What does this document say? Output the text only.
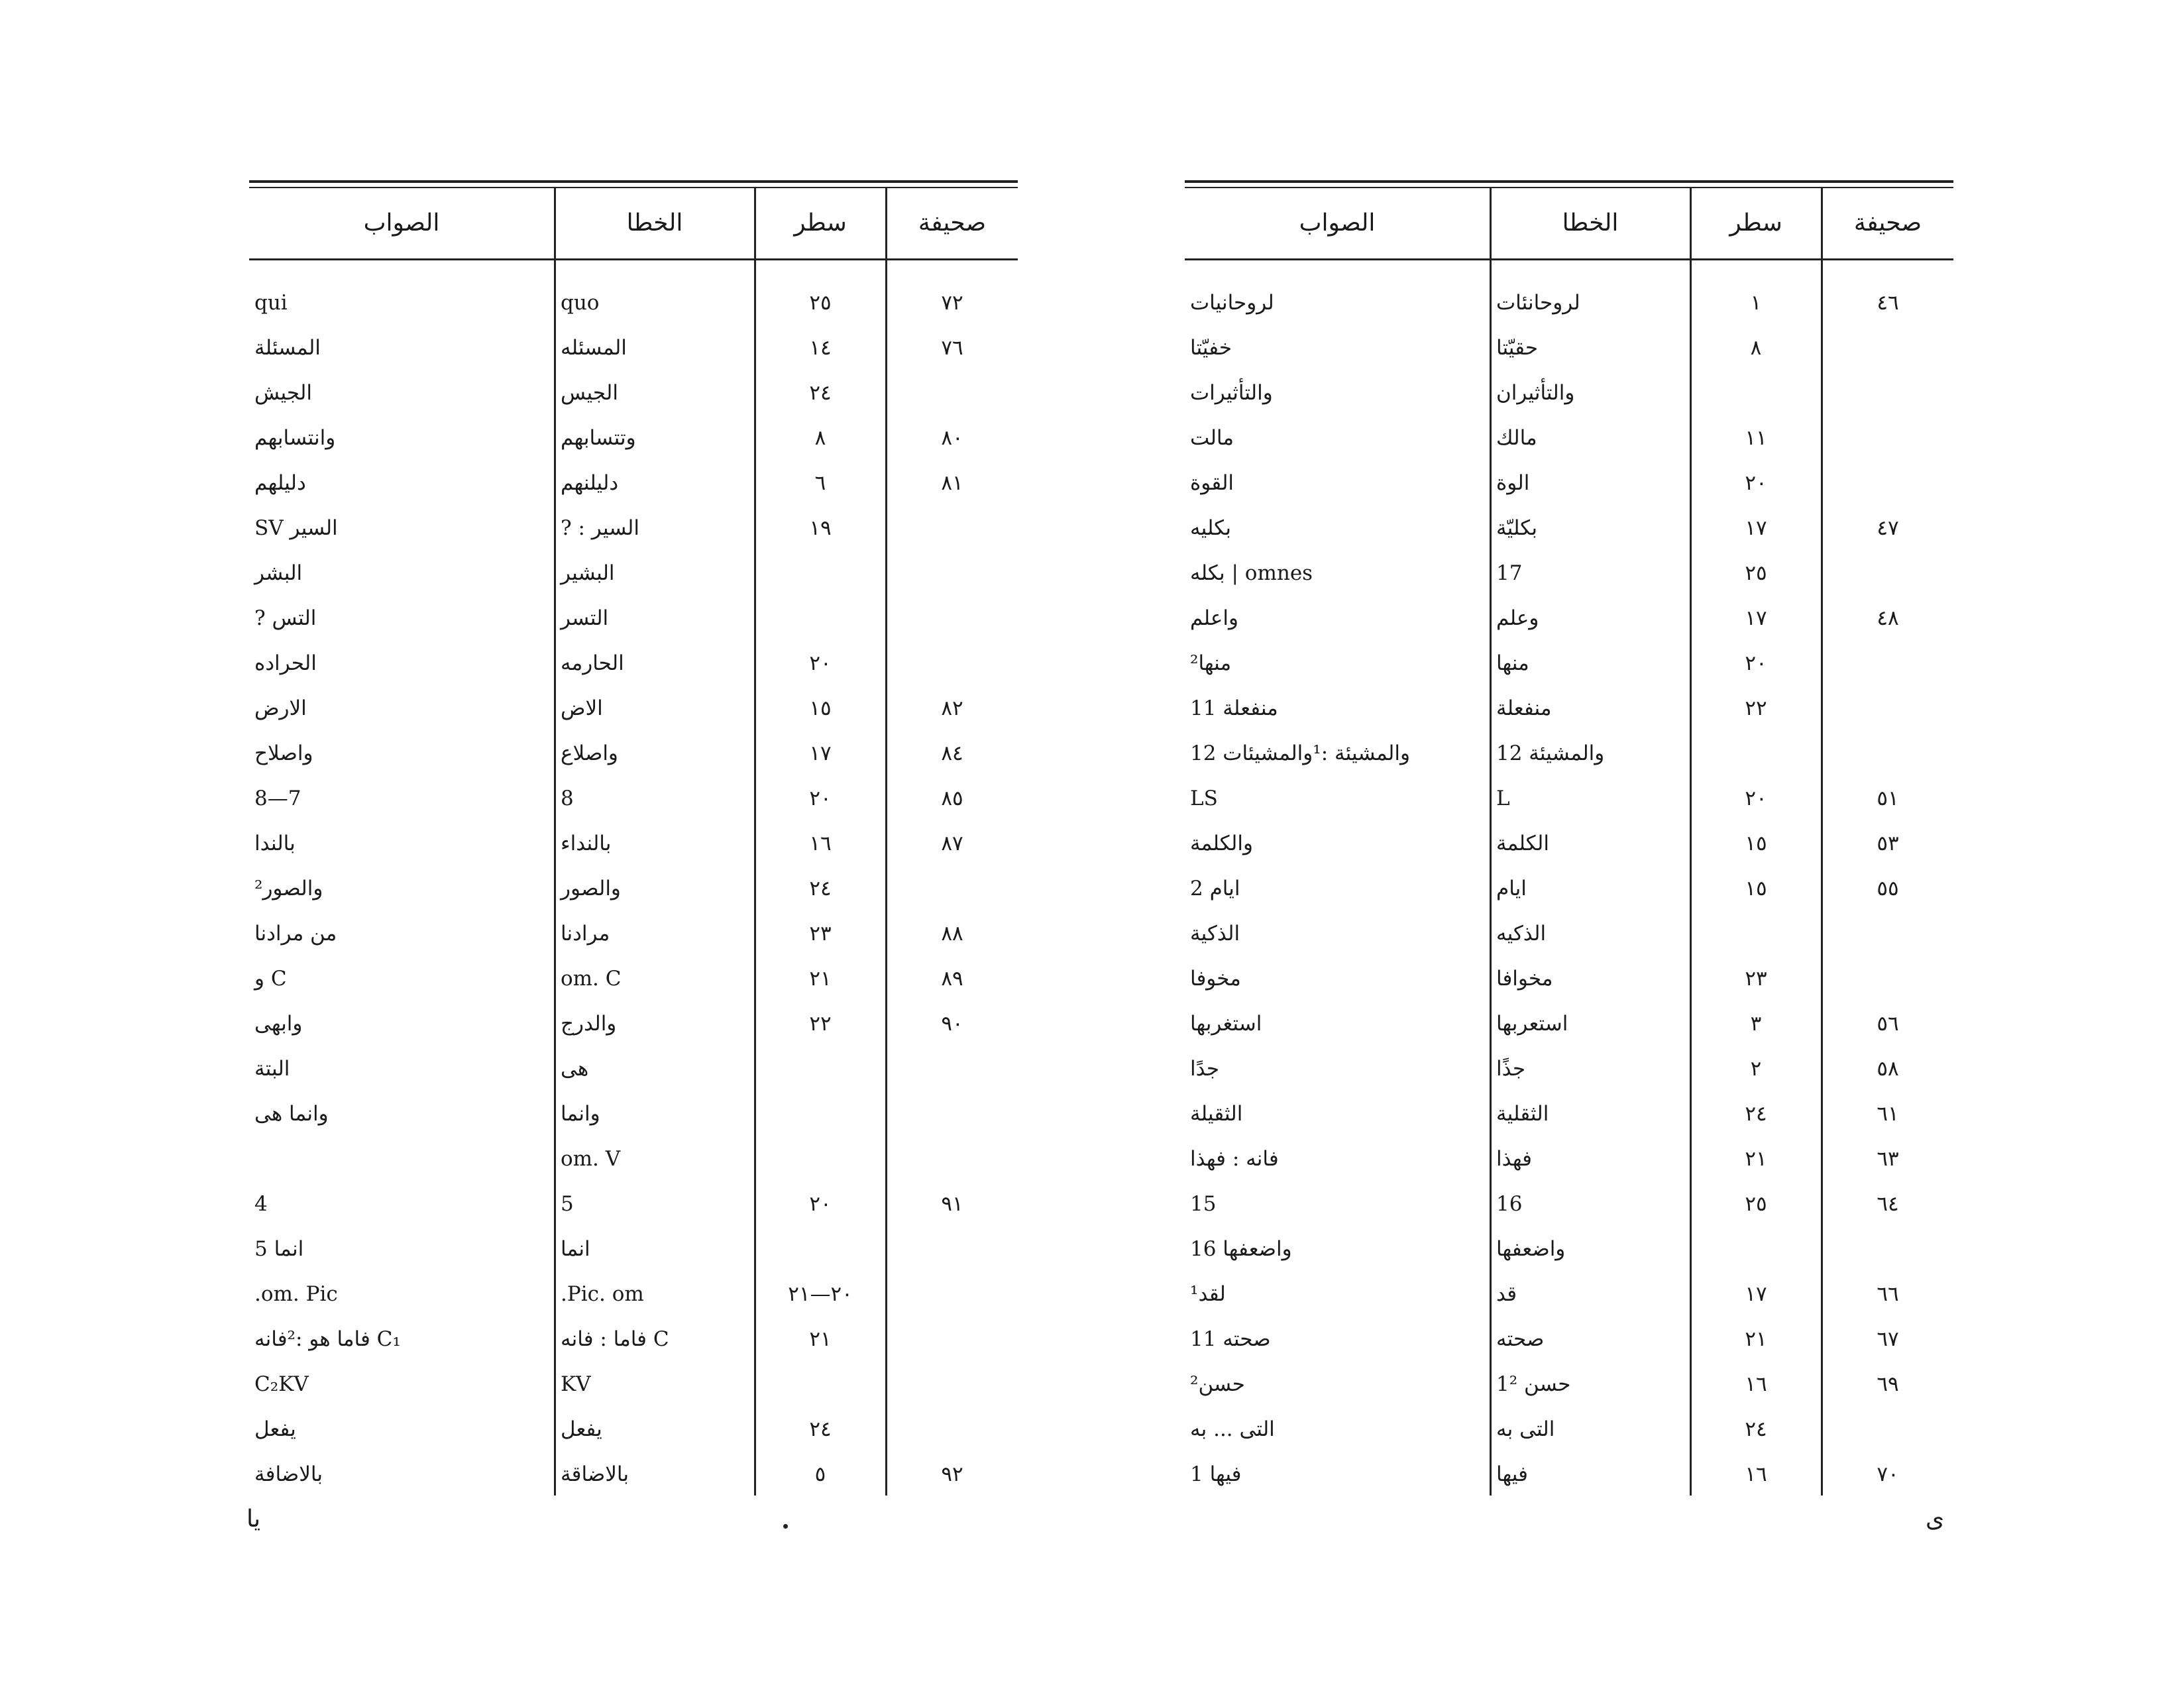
صحيفة
سطر
الخطا
الصواب
٧٢
٢٥
quo
qui
٧٦
١٤
المسئله
المسئلة
٢٤
الجيس
الجيش
٨٠
٨
وتتسابهم
وانتسابهم
٨١
٦
دليلنهم
دليلهم
١٩
السير : ?
السير SV
البشير
البشر
التسر
التس ?
٢٠
الحارمه
الحراده
٨٢
١٥
الاض
الارض
٨٤
١٧
واصلاع
واصلاح
٨٥
٢٠
8
7—8
٨٧
١٦
بالنداء
بالندا
٢٤
والصور
والصور²
٨٨
٢٣
مرادنا
من مرادنا
٨٩
٢١
om. C
C و
٩٠
٢٢
والدرج
وابهى
هى
البتة
وانما
وانما هى
om. V
٩١
٢٠
5
4
انما
انما 5
٢٠—٢١
Pic. om.
om. Pic.
٢١
C فاما : فانه
C₁ فاما هو :²فانه
KV
C₂KV
٢٤
يفعل
يفعل
٩٢
٥
بالاضاقة
بالاضافة
صحيفة
سطر
الخطا
الصواب
٤٦
١
لروحانئات
لروحانيات
٨
حقيّتا
خفيّتا
والتأثيران
والتأثيرات
١١
مالك
مالت
٢٠
الوة
القوة
٤٧
١٧
بكليّة
بكليه
٢٥
17
omnes | بكله
٤٨
١٧
وعلم
واعلم
٢٠
منها
منها²
٢٢
منفعلة
منفعلة 11
والمشيئة 12
والمشيئة :¹والمشيئات 12
٥١
٢٠
L
LS
٥٣
١٥
الكلمة
والكلمة
٥٥
١٥
ايام
ايام 2
الذكيه
الذكية
٢٣
مخوافا
مخوفا
٥٦
٣
استعربها
استغربها
٥٨
٢
جذًا
جدًا
٦١
٢٤
الثقلية
الثقيلة
٦٣
٢١
فهذا
فانه : فهذا
٦٤
٢٥
16
15
واضعفها
واضعفها 16
٦٦
١٧
قد
لقد¹
٦٧
٢١
صحته
صحته 11
٦٩
١٦
حسن 1²
حسن²
٢٤
التى به
التى ... به
٧٠
١٦
فيها
فيها 1
يا	ى
